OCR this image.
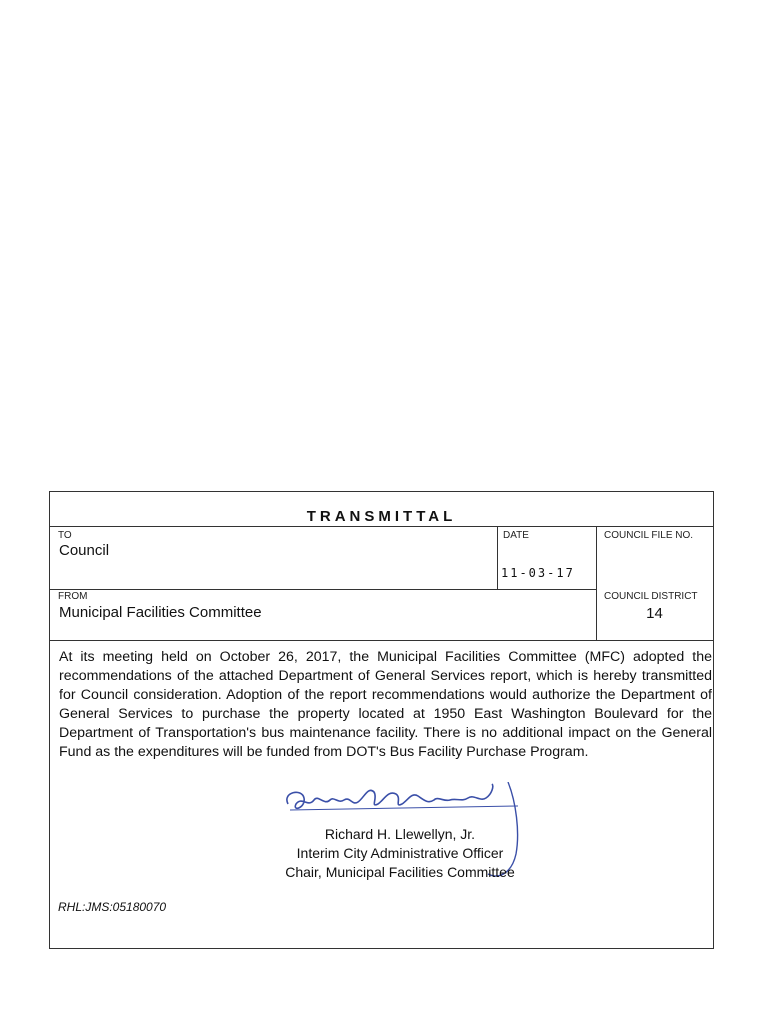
TRANSMITTAL
TO
Council
DATE
11-03-17
COUNCIL FILE NO.
FROM
Municipal Facilities Committee
COUNCIL DISTRICT
14

At its meeting held on October 26, 2017, the Municipal Facilities Committee (MFC) adopted the recommendations of the attached Department of General Services report, which is hereby transmitted for Council consideration. Adoption of the report recommendations would authorize the Department of General Services to purchase the property located at 1950 East Washington Boulevard for the Department of Transportation's bus maintenance facility. There is no additional impact on the General Fund as the expenditures will be funded from DOT's Bus Facility Purchase Program.

Richard H. Llewellyn, Jr.
Interim City Administrative Officer
Chair, Municipal Facilities Committee
RHL:JMS:05180070
